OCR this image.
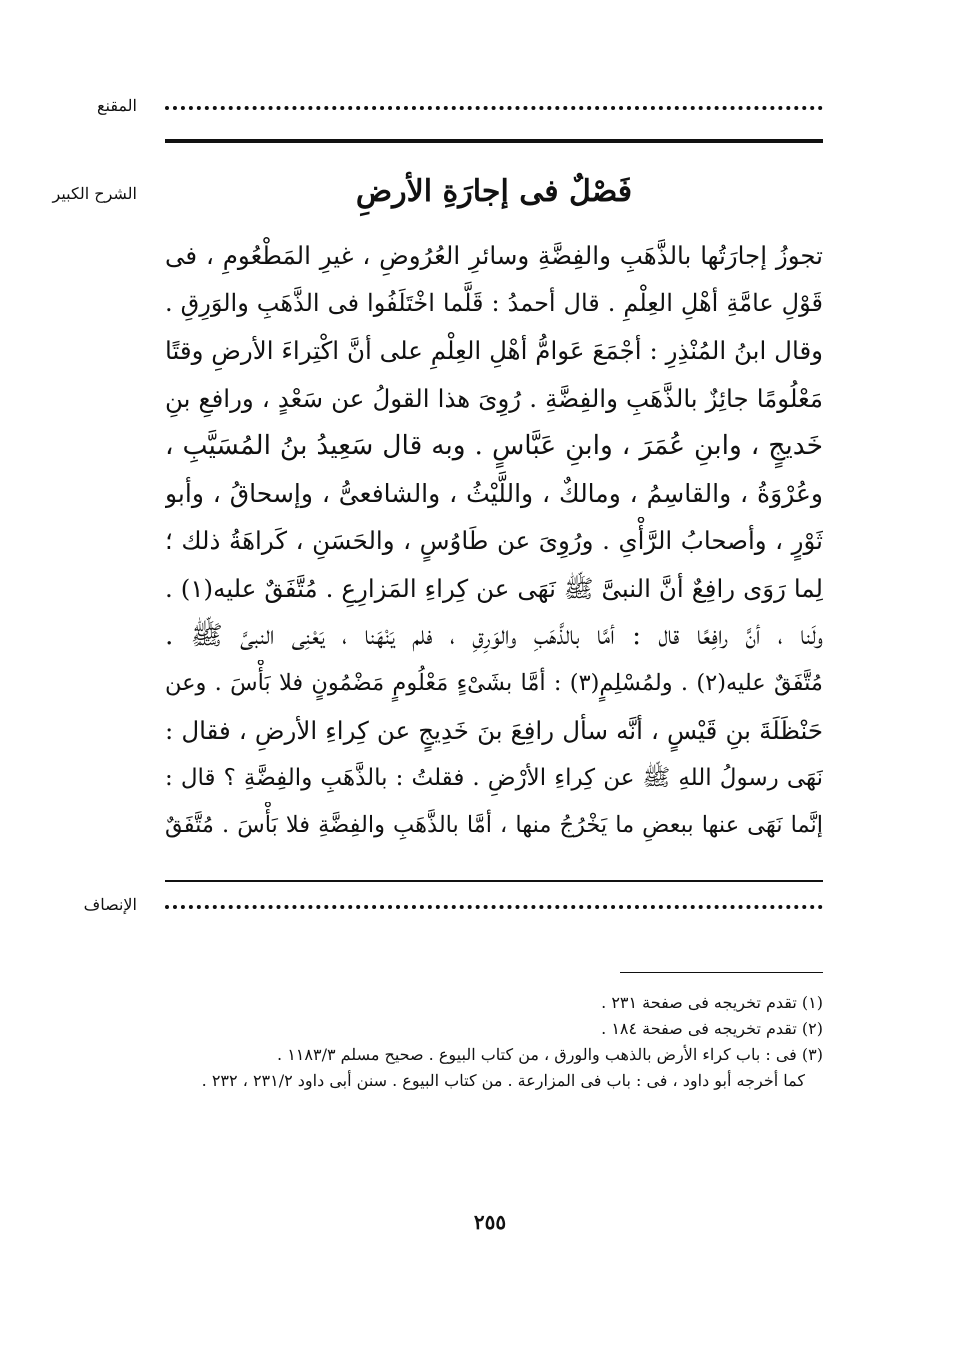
المقنع
الشرح الكبير
الإنصاف
فَصْلٌ فى إجارَةِ الأرضِ
تجوزُ إجارَتُها بالذَّهَبِ والفِضَّةِ وسائرِ العُرُوضِ ، غيرِ المَطْعُومِ ، فى
قَوْلِ عامَّةِ أهْلِ العِلْمِ . قال أحمدُ : قَلَّما اخْتَلَفُوا فى الذَّهَبِ والوَرِقِ .
وقال ابنُ المُنْذِرِ : أجْمَعَ عَوامُّ أهْلِ العِلْمِ على أنَّ اكْتِراءَ الأرضِ وقتًا
مَعْلُومًا جائِزٌ بالذَّهَبِ والفِضَّةِ . رُوِىَ هذا القولُ عن سَعْدٍ ، ورافعِ بنِ
خَديجٍ ، وابنِ عُمَرَ ، وابنِ عَبَّاسٍ . وبه قال سَعِيدُ بنُ المُسَيَّبِ ،
وعُرْوَةُ ، والقاسِمُ ، ومالكٌ ، واللَّيْثُ ، والشافعىُّ ، وإسحاقُ ، وأبو
ثَوْرٍ ، وأصحابُ الرَّأْىِ . ورُوِىَ عن طَاوُسٍ ، والحَسَنِ ، كَراهَةُ ذلك ؛
لِما رَوَى رافِعٌ أنَّ النبىَّ ﷺ نَهَى عن كِراءِ المَزارِعِ . مُتَّفَقٌ عليه(١) .
ولَنا ، أنَّ رافِعًا قال : أمَّا بالذَّهَبِ والوَرِقِ ، فلم يَنْهَنا ، يَعْنِى النبىَّ ﷺ .
مُتَّفَقٌ عليه(٢) . ولمُسْلِمٍ(٣) : أمَّا بشَىْءٍ مَعْلُومٍ مَضْمُونٍ فلا بَأْسَ . وعن
حَنْظَلَةَ بنِ قَيْسٍ ، أنَّه سأل رافِعَ بنَ خَدِيجٍ عن كِراءِ الأرضِ ، فقال :
نَهَى رسولُ اللهِ ﷺ عن كِراءِ الأرْضِ . فقلتُ : بالذَّهَبِ والفِضَّةِ ؟ قال :
إنَّما نَهَى عنها ببعضِ ما يَخْرُجُ منها ، أمَّا بالذَّهَبِ والفِضَّةِ فلا بَأْسَ . مُتَّفَقٌ
(١) تقدم تخريجه فى صفحة ٢٣١ .
(٢) تقدم تخريجه فى صفحة ١٨٤ .
(٣) فى : باب كراء الأرض بالذهب والورق ، من كتاب البيوع . صحيح مسلم ١١٨٣/٣ .
كما أخرجه أبو داود ، فى : باب فى المزارعة . من كتاب البيوع . سنن أبى داود ٢٣١/٢ ، ٢٣٢ .
٢٥٥
